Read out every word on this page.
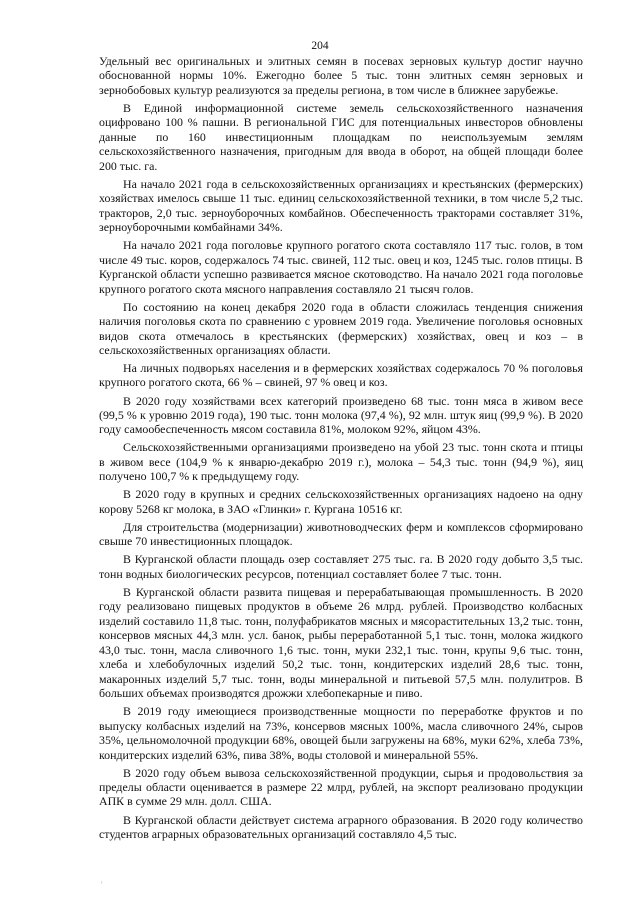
204

Удельный вес оригинальных и элитных семян в посевах зерновых культур достиг научно обоснованной нормы 10%. Ежегодно более 5 тыс. тонн элитных семян зерновых и зернобобовых культур реализуются за пределы региона, в том числе в ближнее зарубежье.

В Единой информационной системе земель сельскохозяйственного назначения оцифровано 100 % пашни. В региональной ГИС для потенциальных инвесторов обновлены данные по 160 инвестиционным площадкам по неиспользуемым землям сельскохозяйственного назначения, пригодным для ввода в оборот, на общей площади более 200 тыс. га.

На начало 2021 года в сельскохозяйственных организациях и крестьянских (фермерских) хозяйствах имелось свыше 11 тыс. единиц сельскохозяйственной техники, в том числе 5,2 тыс. тракторов, 2,0 тыс. зерноуборочных комбайнов. Обеспеченность тракторами составляет 31%, зерноуборочными комбайнами 34%.

На начало 2021 года поголовье крупного рогатого скота составляло 117 тыс. голов, в том числе 49 тыс. коров, содержалось 74 тыс. свиней, 112 тыс. овец и коз, 1245 тыс. голов птицы. В Курганской области успешно развивается мясное скотоводство. На начало 2021 года поголовье крупного рогатого скота мясного направления составляло 21 тысяч голов.

По состоянию на конец декабря 2020 года в области сложилась тенденция снижения наличия поголовья скота по сравнению с уровнем 2019 года. Увеличение поголовья основных видов скота отмечалось в крестьянских (фермерских) хозяйствах, овец и коз – в сельскохозяйственных организациях области.

На личных подворьях населения и в фермерских хозяйствах содержалось 70 % поголовья крупного рогатого скота, 66 % – свиней, 97 % овец и коз.

В 2020 году хозяйствами всех категорий произведено 68 тыс. тонн мяса в живом весе (99,5 % к уровню 2019 года), 190 тыс. тонн молока (97,4 %), 92 млн. штук яиц (99,9 %). В 2020 году самообеспеченность мясом составила 81%, молоком 92%, яйцом 43%.

Сельскохозяйственными организациями произведено на убой 23 тыс. тонн скота и птицы в живом весе (104,9 % к январю-декабрю 2019 г.), молока – 54,3 тыс. тонн (94,9 %), яиц получено 100,7 % к предыдущему году.

В 2020 году в крупных и средних сельскохозяйственных организациях надоено на одну корову 5268 кг молока, в ЗАО «Глинки» г. Кургана 10516 кг.

Для строительства (модернизации) животноводческих ферм и комплексов сформировано свыше 70 инвестиционных площадок.

В Курганской области площадь озер составляет 275 тыс. га. В 2020 году добыто 3,5 тыс. тонн водных биологических ресурсов, потенциал составляет более 7 тыс. тонн.

В Курганской области развита пищевая и перерабатывающая промышленность. В 2020 году реализовано пищевых продуктов в объеме 26 млрд. рублей. Производство колбасных изделий составило 11,8 тыс. тонн, полуфабрикатов мясных и мясорастительных 13,2 тыс. тонн, консервов мясных 44,3 млн. усл. банок, рыбы переработанной 5,1 тыс. тонн, молока жидкого 43,0 тыс. тонн, масла сливочного 1,6 тыс. тонн, муки 232,1 тыс. тонн, крупы 9,6 тыс. тонн, хлеба и хлебобулочных изделий 50,2 тыс. тонн, кондитерских изделий 28,6 тыс. тонн, макаронных изделий 5,7 тыс. тонн, воды минеральной и питьевой 57,5 млн. полулитров. В больших объемах производятся дрожжи хлебопекарные и пиво.

В 2019 году имеющиеся производственные мощности по переработке фруктов и по выпуску колбасных изделий на 73%, консервов мясных 100%, масла сливочного 24%, сыров 35%, цельномолочной продукции 68%, овощей были загружены на 68%, муки 62%, хлеба 73%, кондитерских изделий 63%, пива 38%, воды столовой и минеральной 55%.

В 2020 году объем вывоза сельскохозяйственной продукции, сырья и продовольствия за пределы области оценивается в размере 22 млрд, рублей, на экспорт реализовано продукции АПК в сумме 29 млн. долл. США.

В Курганской области действует система аграрного образования. В 2020 году количество студентов аграрных образовательных организаций составляло 4,5 тыс.

'
